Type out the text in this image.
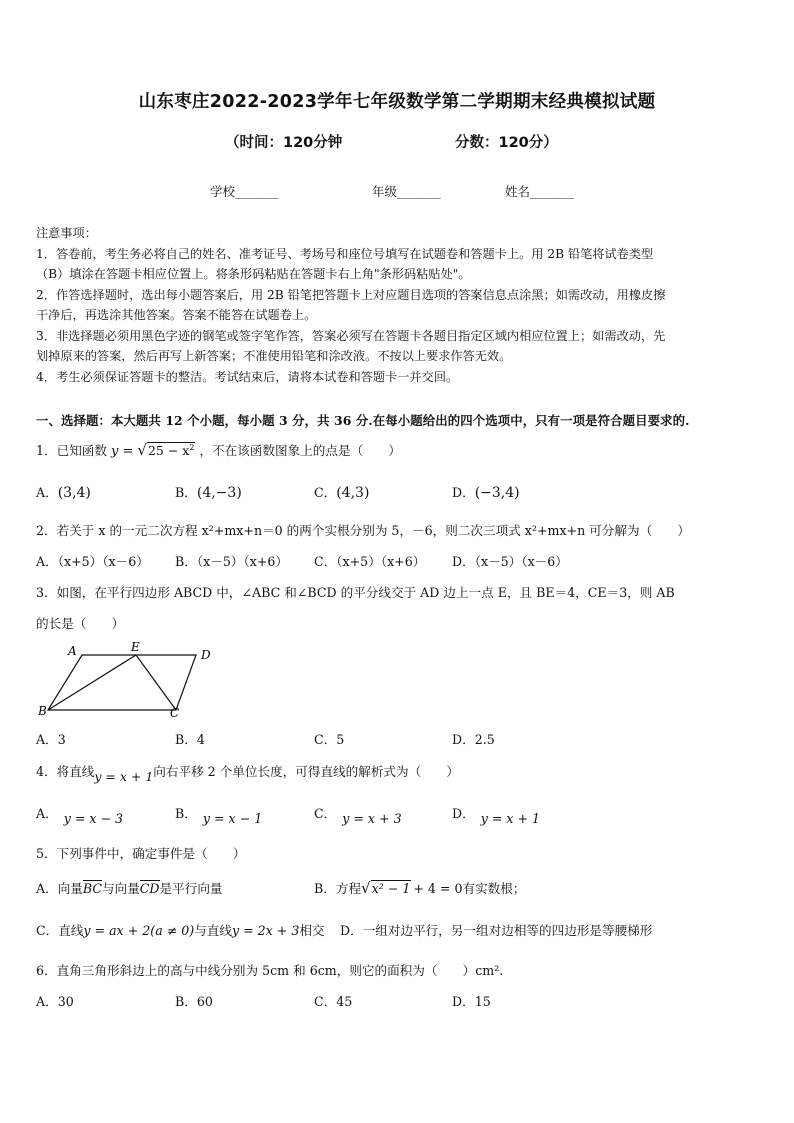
山东枣庄2022-2023学年七年级数学第二学期期末经典模拟试题
（时间：120分钟	分数：120分）
学校_______	年级_______	姓名_______

注意事项：

1．答卷前，考生务必将自己的姓名、准考证号、考场号和座位号填写在试题卷和答题卡上。用 2B 铅笔将试卷类型

（B）填涂在答题卡相应位置上。将条形码粘贴在答题卡右上角"条形码粘贴处"。

2．作答选择题时，选出每小题答案后，用 2B 铅笔把答题卡上对应题目选项的答案信息点涂黑；如需改动，用橡皮擦

干净后，再选涂其他答案。答案不能答在试题卷上。

3．非选择题必须用黑色字迹的钢笔或签字笔作答，答案必须写在答题卡各题目指定区域内相应位置上；如需改动，先

划掉原来的答案，然后再写上新答案；不准使用铅笔和涂改液。不按以上要求作答无效。

4．考生必须保证答题卡的整洁。考试结束后，请将本试卷和答题卡一并交回。

一、选择题：本大题共 12 个小题，每小题 3 分，共 36 分.在每小题给出的四个选项中，只有一项是符合题目要求的.
1．已知函数 $y = √25 - x^2$ ，不在该函数图象上的点是（　　）
A．(3,4)	B．(4,−3)	C．(4,3)	D．(−3,4)
2．若关于 x 的一元二次方程 x²+mx+n＝0 的两个实根分别为 5，－6，则二次三项式 x²+mx+n 可分解为（　　）
A．（x+5）（x－6） B．（x－5）（x+6） C．（x+5）（x+6） D．（x－5）（x－6）
3．如图，在平行四边形 ABCD 中，∠ABC 和∠BCD 的平分线交于 AD 边上一点 E，且 BE＝4，CE＝3，则 AB
的长是（　　）
A	E
D
B	C
A．3	B．4	C．5	D．2.5
4．将直线y = x + 1向右平移 2 个单位长度，可得直线的解析式为（　　）
A． y = x − 3	B． y = x − 1	C． y = x + 3	D． y = x + 1
5．下列事件中，确定事件是（　　）
A．向量BC与向量CD是平行向量	B．方程√x² − 1 + 4 = 0有实数根；
C．直线y = ax + 2(a ≠ 0)与直线y = 2x + 3相交 D．一组对边平行，另一组对边相等的四边形是等腰梯形
6．直角三角形斜边上的高与中线分别为 5cm 和 6cm，则它的面积为（　　）cm².
A．30	B．60	C．45	D．15
